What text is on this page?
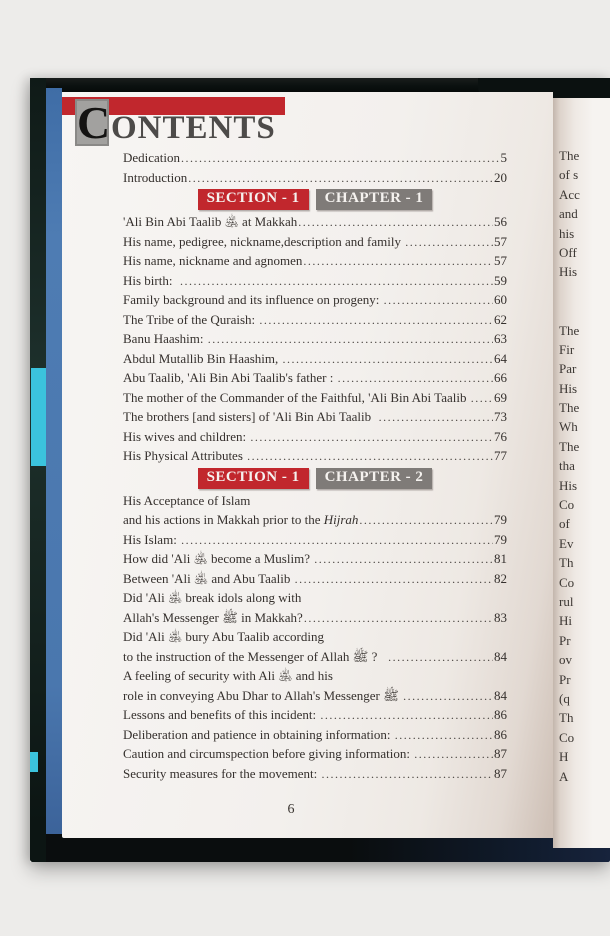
C ONTENTS
Dedication .....	5
Introduction .....	20
SECTION - 1	CHAPTER - 1
'Ali Bin Abi Taalib ﵁ at Makkah .....	56
His name, pedigree, nickname,description and family .....	57
His name, nickname and agnomen .....	57
His birth: .....	59
Family background and its influence on progeny: .....	60
The Tribe of the Quraish: .....	62
Banu Haashim: .....	63
Abdul Mutallib Bin Haashim, .....	64
Abu Taalib, 'Ali Bin Abi Taalib's father : .....	66
The mother of the Commander of the Faithful, 'Ali Bin Abi Taalib ..... 69
The brothers [and sisters] of 'Ali Bin Abi Taalib .....	73
His wives and children: .....	76
His Physical Attributes .....	77
SECTION - 1	CHAPTER - 2
His Acceptance of Islam
and his actions in Makkah prior to the Hijrah .....	79
His Islam: .....	79
How did 'Ali ﵁ become a Muslim? .....	81
Between 'Ali ﵁ and Abu Taalib .....	82
Did 'Ali ﵁ break idols along with
Allah's Messenger ﷺ in Makkah? .....	83
Did 'Ali ﵁ bury Abu Taalib according
to the instruction of the Messenger of Allah ﷺ ? .....	84
A feeling of security with Ali ﵁ and his
role in conveying Abu Dhar to Allah's Messenger ﷺ .....	84
Lessons and benefits of this incident: .....	86
Deliberation and patience in obtaining information: .....	86
Caution and circumspection before giving information: .....	87
Security measures for the movement: .....	87
6
The
of s
Acc
and
his
Off
His
The
Fir
Par
His
The
Wh
The
tha
His
Co
of
Ev
Th
Co
rul
Hi
Pr
ov
Pr
(q
Th
Co
H
A
